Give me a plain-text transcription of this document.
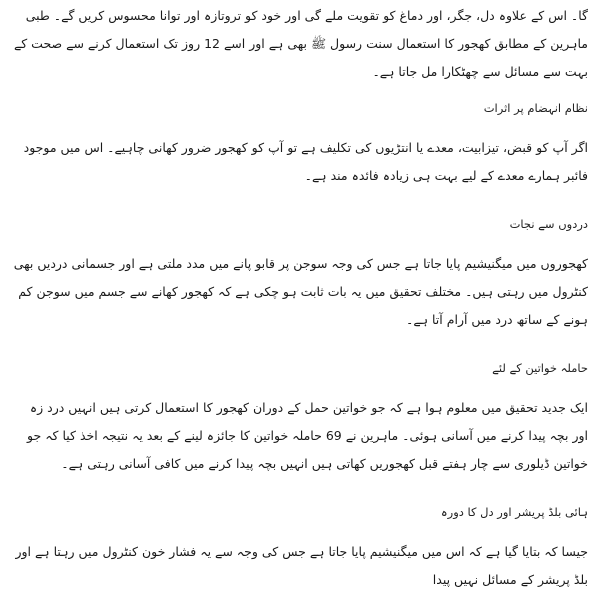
گا۔ اس کے علاوہ دل، جگر، اور دماغ کو تقویت ملے گی اور خود کو تروتازہ اور توانا محسوس کریں گے۔ طبی ماہرین کے مطابق کھجور کا استعمال سنت رسول ﷺ بھی ہے اور اسے 12 روز تک استعمال کرنے سے صحت کے بہت سے مسائل سے چھٹکارا مل جاتا ہے۔

نظام انہضام پر اثرات

اگر آپ کو قبض، تیزابیت، معدے یا انتڑیوں کی تکلیف ہے تو آپ کو کھجور ضرور کھانی چاہیے۔ اس میں موجود فائبر ہمارے معدے کے لیے بہت ہی زیادہ فائدہ مند ہے۔

دردوں سے نجات

کھجوروں میں میگنیشیم پایا جاتا ہے جس کی وجہ سوجن پر قابو پانے میں مدد ملتی ہے اور جسمانی دردیں بھی کنٹرول میں رہتی ہیں۔ مختلف تحقیق میں یہ بات ثابت ہو چکی ہے کہ کھجور کھانے سے جسم میں سوجن کم ہونے کے ساتھ درد میں آرام آتا ہے۔

حاملہ خواتین کے لئے

ایک جدید تحقیق میں معلوم ہوا ہے کہ جو خواتین حمل کے دوران کھجور کا استعمال کرتی ہیں انہیں درد زہ اور بچہ پیدا کرنے میں آسانی ہوئی۔ ماہرین نے 69 حاملہ خواتین کا جائزہ لینے کے بعد یہ نتیجہ اخذ کیا کہ جو خواتین ڈیلوری سے چار ہفتے قبل کھجوریں کھاتی ہیں انہیں بچہ پیدا کرنے میں کافی آسانی رہتی ہے۔

ہائی بلڈ پریشر اور دل کا دورہ

جیسا کہ بتایا گیا ہے کہ اس میں میگنیشیم پایا جاتا ہے جس کی وجہ سے یہ فشار خون کنٹرول میں رہتا ہے اور بلڈ پریشر کے مسائل نہیں پیدا
